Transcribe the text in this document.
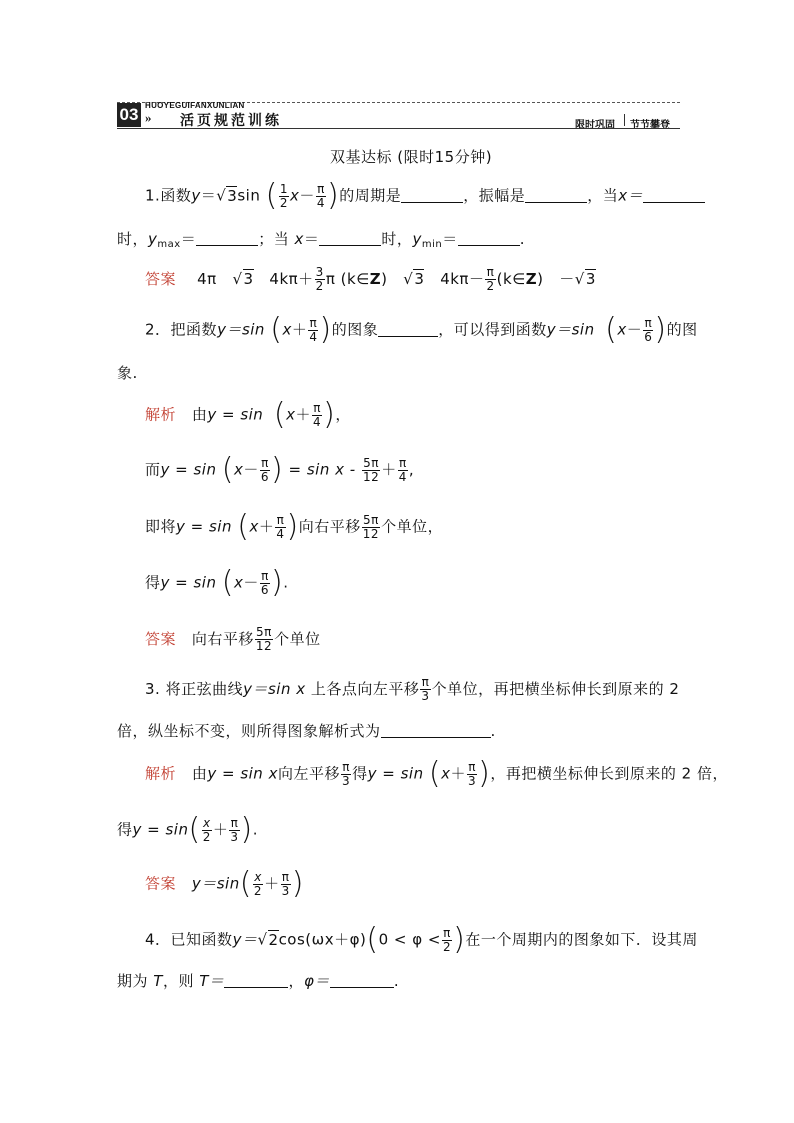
03 HUOYEGUIFANXUNLIAN
» 活页规范训练	限时巩固 节节攀登
双基达标 (限时15分钟)
1.函数y＝√3sin ( $\frac{1}{2} x- \frac{\pi}{4}$ )的周期是	，振幅是	，当x＝
时，$y_{max}=$	；当 x＝	时，$y_{min}=$	.
答案 4π √3 $4k\pi+ \frac{3}{2}$ π (k∈Z) √3 $4k\pi- \frac{\pi}{2}$ (k∈Z) －√3
2．把函数y＝sin ($x+ \frac{\pi}{4}$ )的图象	，可以得到函数y＝sin ($x- \frac{\pi}{6}$ )的图
象.
解析 由$y = \sin (x+ \frac{\pi}{4}$ )，
而$y = \sin (x- \frac{\pi}{6}$ ) = $\sin x - \frac{5\pi}{12} + \frac{\pi}{4}$ ,
即将$y = \sin (x+ \frac{\pi}{4}$ )向右平移 $\frac{5\pi}{12}$ 个单位，
得$y = \sin (x- \frac{\pi}{6}$ ).
答案 向右平移 $\frac{5\pi}{12}$ 个单位
3. 将正弦曲线y＝sin x 上各点向左平移 $\frac{\pi}{3}$ 个单位，再把横坐标伸长到原来的 2
倍，纵坐标不变，则所得图象解析式为	.
解析 由y = sin x向左平移 $\frac{\pi}{3}$ 得$y = \sin (x+ \frac{\pi}{3}$ )，再把横坐标伸长到原来的 2 倍，
得$y = \sin( \frac{x}{2} + \frac{\pi}{3}$ ).
答案 $y=\sin( \frac{x}{2} + \frac{\pi}{3}$ )
4．已知函数$y=√2\cos(\omega x+\varphi)(0 < \varphi < \frac{\pi}{2}$ )在一个周期内的图象如下．设其周
期为 T，则 T＝	，φ＝	.
